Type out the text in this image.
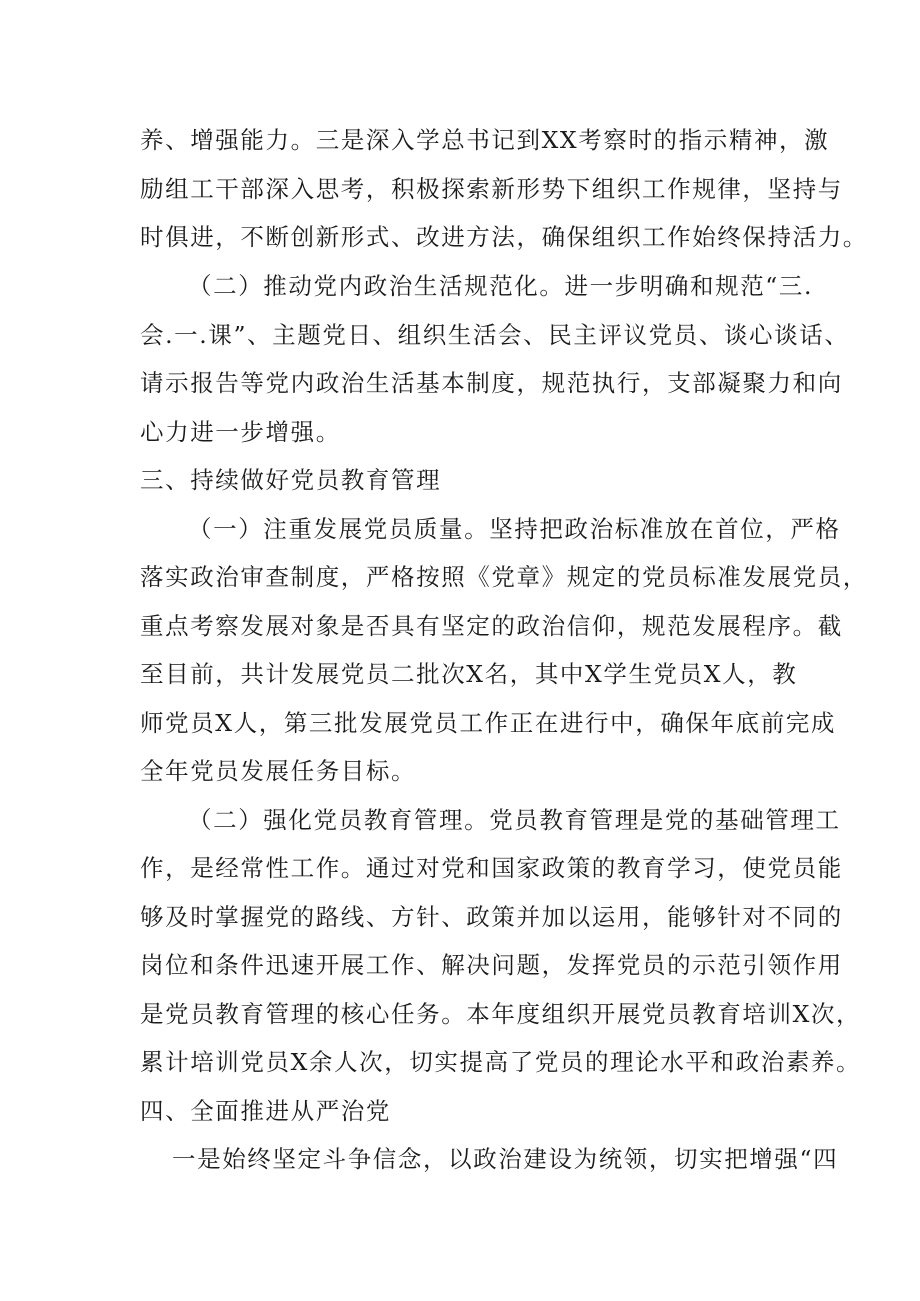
养、增强能力。三是深入学总书记到XX考察时的指示精神，激
励组工干部深入思考，积极探索新形势下组织工作规律，坚持与
时俱进，不断创新形式、改进方法，确保组织工作始终保持活力。
（二）推动党内政治生活规范化。进一步明确和规范“三.
会.一.课”、主题党日、组织生活会、民主评议党员、谈心谈话、
请示报告等党内政治生活基本制度，规范执行，支部凝聚力和向
心力进一步增强。
三、持续做好党员教育管理
（一）注重发展党员质量。坚持把政治标准放在首位，严格
落实政治审查制度，严格按照《党章》规定的党员标准发展党员，
重点考察发展对象是否具有坚定的政治信仰，规范发展程序。截
至目前，共计发展党员二批次X名，其中X学生党员X人，教
师党员X人，第三批发展党员工作正在进行中，确保年底前完成
全年党员发展任务目标。
（二）强化党员教育管理。党员教育管理是党的基础管理工
作，是经常性工作。通过对党和国家政策的教育学习，使党员能
够及时掌握党的路线、方针、政策并加以运用，能够针对不同的
岗位和条件迅速开展工作、解决问题，发挥党员的示范引领作用
是党员教育管理的核心任务。本年度组织开展党员教育培训X次，
累计培训党员X余人次，切实提高了党员的理论水平和政治素养。
四、全面推进从严治党
一是始终坚定斗争信念，以政治建设为统领，切实把增强“四
